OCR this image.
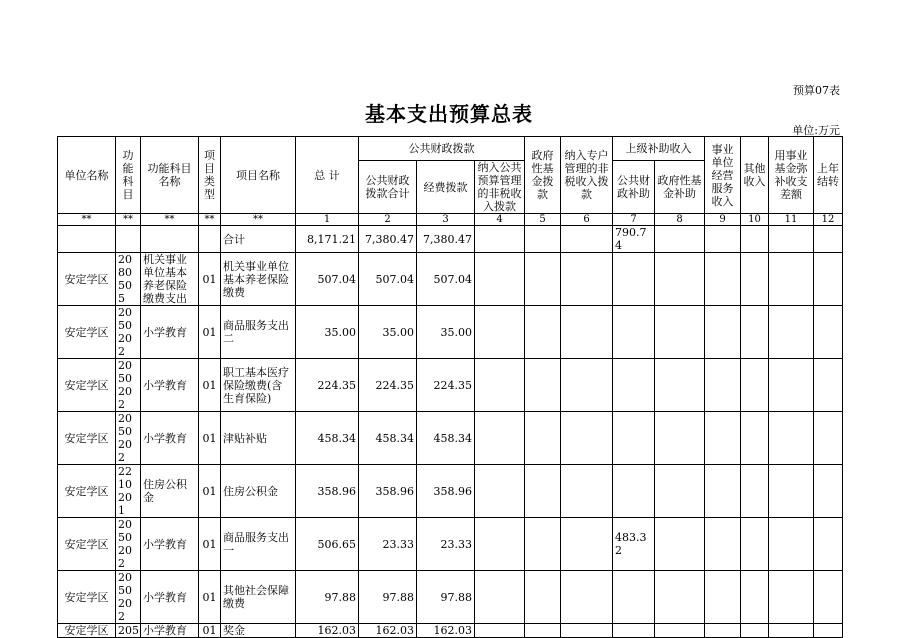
预算07表
基本支出预算总表
单位:万元
单位名称	功能科目	功能科目名称	项目类型	项目名称	总 计	公共财政拨款			政府性基金拨款	纳入专户管理的非税收入拨款	上级补助收入		事业单位经营服务收入	其他收入	用事业基金弥补收支差额	上年结转
						公共财政拨款合计	经费拨款	纳入公共预算管理的非税收入拨款			公共财政补助	政府性基金补助				
**	**	**	**	**	1	2	3	4	5	6	7	8	9	10	11	12
				合计	8,171.21	7,380.47	7,380.47				790.74					
安定学区	2080505	机关事业单位基本养老保险缴费支出	01	机关事业单位基本养老保险缴费	507.04	507.04	507.04									
安定学区	2050202	小学教育	01	商品服务支出二	35.00	35.00	35.00									
安定学区	2050202	小学教育	01	职工基本医疗保险缴费(含生育保险)	224.35	224.35	224.35									
安定学区	2050202	小学教育	01	津贴补贴	458.34	458.34	458.34									
安定学区	2210201	住房公积金	01	住房公积金	358.96	358.96	358.96									
安定学区	2050202	小学教育	01	商品服务支出一	506.65	23.33	23.33				483.32					
安定学区	2050202	小学教育	01	其他社会保障缴费	97.88	97.88	97.88									
安定学区	205	小学教育	01	奖金	162.03	162.03	162.03									
